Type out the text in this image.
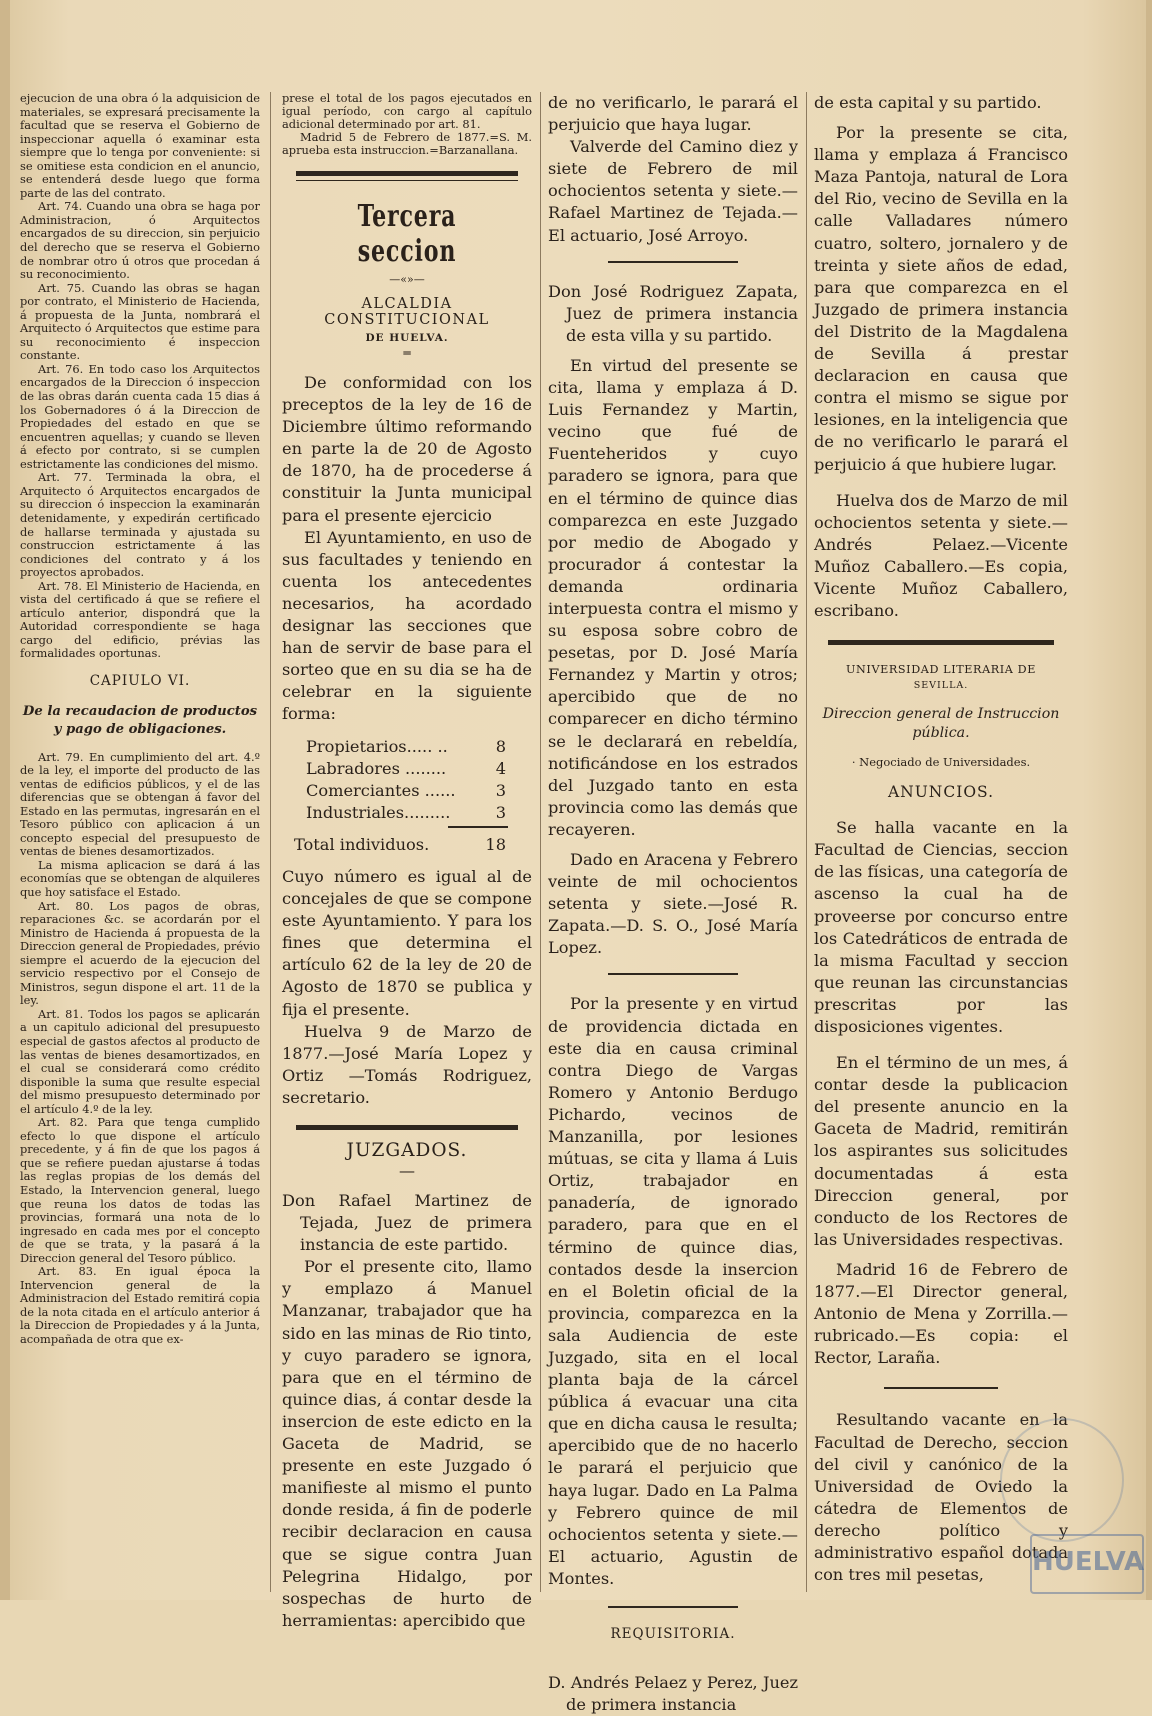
ejecucion de una obra ó la adquisicion de materiales, se expresará precisamente la facultad que se reserva el Gobierno de inspeccionar aquella ó examinar esta siempre que lo tenga por conveniente: si se omitiese esta condicion en el anuncio, se entenderá desde luego que forma parte de las del contrato.

Art. 74. Cuando una obra se haga por Administracion, ó Arquitectos encargados de su direccion, sin perjuicio del derecho que se reserva el Gobierno de nombrar otro ú otros que procedan á su reconocimiento.

Art. 75. Cuando las obras se hagan por contrato, el Ministerio de Hacienda, á propuesta de la Junta, nombrará el Arquitecto ó Arquitectos que estime para su reconocimiento é inspeccion constante.

Art. 76. En todo caso los Arquitectos encargados de la Direccion ó inspeccion de las obras darán cuenta cada 15 dias á los Gobernadores ó á la Direccion de Propiedades del estado en que se encuentren aquellas; y cuando se lleven á efecto por contrato, si se cumplen estrictamente las condiciones del mismo.

Art. 77. Terminada la obra, el Arquitecto ó Arquitectos encargados de su direccion ó inspeccion la examinarán detenidamente, y expedirán certificado de hallarse terminada y ajustada su construccion estrictamente á las condiciones del contrato y á los proyectos aprobados.

Art. 78. El Ministerio de Hacienda, en vista del certificado á que se refiere el artículo anterior, dispondrá que la Autoridad correspondiente se haga cargo del edificio, prévias las formalidades oportunas.

CAPIULO VI.

De la recaudacion de productos y pago de obligaciones.

Art. 79. En cumplimiento del art. 4.º de la ley, el importe del producto de las ventas de edificios públicos, y el de las diferencias que se obtengan á favor del Estado en las permutas, ingresarán en el Tesoro público con aplicacion á un concepto especial del presupuesto de ventas de bienes desamortizados.

La misma aplicacion se dará á las economías que se obtengan de alquileres que hoy satisface el Estado.

Art. 80. Los pagos de obras, reparaciones &c. se acordarán por el Ministro de Hacienda á propuesta de la Direccion general de Propiedades, prévio siempre el acuerdo de la ejecucion del servicio respectivo por el Consejo de Ministros, segun dispone el art. 11 de la ley.

Art. 81. Todos los pagos se aplicarán a un capitulo adicional del presupuesto especial de gastos afectos al producto de las ventas de bienes desamortizados, en el cual se considerará como crédito disponible la suma que resulte especial del mismo presupuesto determinado por el artículo 4.º de la ley.

Art. 82. Para que tenga cumplido efecto lo que dispone el artículo precedente, y á fin de que los pagos á que se refiere puedan ajustarse á todas las reglas propias de los demás del Estado, la Intervencion general, luego que reuna los datos de todas las provincias, formará una nota de lo ingresado en cada mes por el concepto de que se trata, y la pasará á la Direccion general del Tesoro público.

Art. 83. En igual época la Intervencion general de la Administracion del Estado remitirá copia de la nota citada en el artículo anterior á la Direccion de Propiedades y á la Junta, acompañada de otra que ex-

prese el total de los pagos ejecutados en igual período, con cargo al capítulo adicional determinado por art. 81.

Madrid 5 de Febrero de 1877.=S. M. aprueba esta instruccion.=Barzanallana.

Tercera seccion

—«»—

ALCALDIA CONSTITUCIONAL

DE HUELVA.

═

De conformidad con los preceptos de la ley de 16 de Diciembre último reformando en parte la de 20 de Agosto de 1870, ha de procederse á constituir la Junta municipal para el presente ejercicio

El Ayuntamiento, en uso de sus facultades y teniendo en cuenta los antecedentes necesarios, ha acordado designar las secciones que han de servir de base para el sorteo que en su dia se ha de celebrar en la siguiente forma:

Propietarios..... ..	8
Labradores ........	4
Comerciantes ...... 3
Industriales.........	3
Total individuos.	18

Cuyo número es igual al de concejales de que se compone este Ayuntamiento. Y para los fines que determina el artículo 62 de la ley de 20 de Agosto de 1870 se publica y fija el presente.

Huelva 9 de Marzo de 1877.—José María Lopez y Ortiz —Tomás Rodriguez, secretario.

JUZGADOS.

—

Don Rafael Martinez de Tejada, Juez de primera instancia de este partido.

Por el presente cito, llamo y emplazo á Manuel Manzanar, trabajador que ha sido en las minas de Rio tinto, y cuyo paradero se ignora, para que en el término de quince dias, á contar desde la insercion de este edicto en la Gaceta de Madrid, se presente en este Juzgado ó manifieste al mismo el punto donde resida, á fin de poderle recibir declaracion en causa que se sigue contra Juan Pelegrina Hidalgo, por sospechas de hurto de herramientas: apercibido que

de no verificarlo, le parará el perjuicio que haya lugar.

Valverde del Camino diez y siete de Febrero de mil ochocientos setenta y siete.—Rafael Martinez de Tejada.—El actuario, José Arroyo.

Don José Rodriguez Zapata, Juez de primera instancia de esta villa y su partido.

En virtud del presente se cita, llama y emplaza á D. Luis Fernandez y Martin, vecino que fué de Fuenteheridos y cuyo paradero se ignora, para que en el término de quince dias comparezca en este Juzgado por medio de Abogado y procurador á contestar la demanda ordinaria interpuesta contra el mismo y su esposa sobre cobro de pesetas, por D. José María Fernandez y Martin y otros; apercibido que de no comparecer en dicho término se le declarará en rebeldía, notificándose en los estrados del Juzgado tanto en esta provincia como las demás que recayeren.

Dado en Aracena y Febrero veinte de mil ochocientos setenta y siete.—José R. Zapata.—D. S. O., José María Lopez.

Por la presente y en virtud de providencia dictada en este dia en causa criminal contra Diego de Vargas Romero y Antonio Berdugo Pichardo, vecinos de Manzanilla, por lesiones mútuas, se cita y llama á Luis Ortiz, trabajador en panadería, de ignorado paradero, para que en el término de quince dias, contados desde la insercion en el Boletin oficial de la provincia, comparezca en la sala Audiencia de este Juzgado, sita en el local planta baja de la cárcel pública á evacuar una cita que en dicha causa le resulta; apercibido que de no hacerlo le parará el perjuicio que haya lugar. Dado en La Palma y Febrero quince de mil ochocientos setenta y siete.—El actuario, Agustin de Montes.

REQUISITORIA.

D. Andrés Pelaez y Perez, Juez de primera instancia

de esta capital y su partido.

Por la presente se cita, llama y emplaza á Francisco Maza Pantoja, natural de Lora del Rio, vecino de Sevilla en la calle Valladares número cuatro, soltero, jornalero y de treinta y siete años de edad, para que comparezca en el Juzgado de primera instancia del Distrito de la Magdalena de Sevilla á prestar declaracion en causa que contra el mismo se sigue por lesiones, en la inteligencia que de no verificarlo le parará el perjuicio á que hubiere lugar.

Huelva dos de Marzo de mil ochocientos setenta y siete.—Andrés Pelaez.—Vicente Muñoz Caballero.—Es copia, Vicente Muñoz Caballero, escribano.

UNIVERSIDAD LITERARIA DE

SEVILLA.

Direccion general de Instruccion pública.

· Negociado de Universidades.

ANUNCIOS.

Se halla vacante en la Facultad de Ciencias, seccion de las físicas, una categoría de ascenso la cual ha de proveerse por concurso entre los Catedráticos de entrada de la misma Facultad y seccion que reunan las circunstancias prescritas por las disposiciones vigentes.

En el término de un mes, á contar desde la publicacion del presente anuncio en la Gaceta de Madrid, remitirán los aspirantes sus solicitudes documentadas á esta Direccion general, por conducto de los Rectores de las Universidades respectivas.

Madrid 16 de Febrero de 1877.—El Director general, Antonio de Mena y Zorrilla.—rubricado.—Es copia: el Rector, Laraña.

Resultando vacante en la Facultad de Derecho, seccion del civil y canónico de la Universidad de Oviedo la cátedra de Elementos de derecho político y administrativo español dotada con tres mil pesetas,	HUELVA
